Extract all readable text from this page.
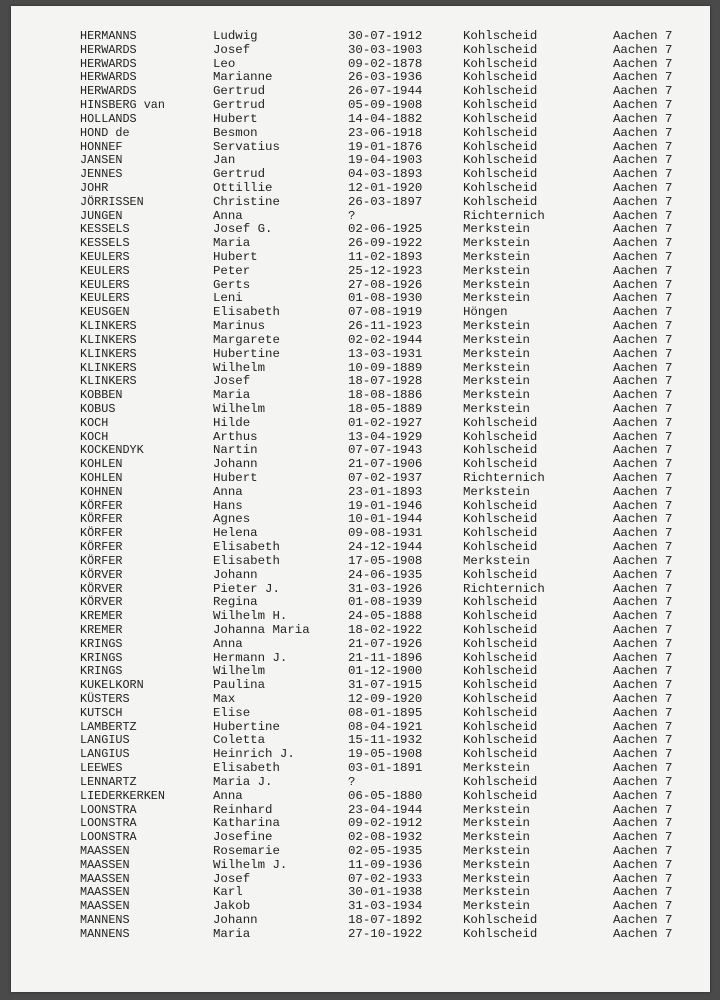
HERMANNS	Ludwig	30-07-1912	Kohlscheid	Aachen 7
HERWARDS	Josef	30-03-1903	Kohlscheid	Aachen 7
HERWARDS	Leo	09-02-1878	Kohlscheid	Aachen 7
HERWARDS	Marianne	26-03-1936	Kohlscheid	Aachen 7
HERWARDS	Gertrud	26-07-1944	Kohlscheid	Aachen 7
HINSBERG van	Gertrud	05-09-1908	Kohlscheid	Aachen 7
HOLLANDS	Hubert	14-04-1882	Kohlscheid	Aachen 7
HOND de	Besmon	23-06-1918	Kohlscheid	Aachen 7
HONNEF	Servatius	19-01-1876	Kohlscheid	Aachen 7
JANSEN	Jan	19-04-1903	Kohlscheid	Aachen 7
JENNES	Gertrud	04-03-1893	Kohlscheid	Aachen 7
JOHR	Ottillie	12-01-1920	Kohlscheid	Aachen 7
JÖRRISSEN	Christine	26-03-1897	Kohlscheid	Aachen 7
JUNGEN	Anna	?	Richternich	Aachen 7
KESSELS	Josef G.	02-06-1925	Merkstein	Aachen 7
KESSELS	Maria	26-09-1922	Merkstein	Aachen 7
KEULERS	Hubert	11-02-1893	Merkstein	Aachen 7
KEULERS	Peter	25-12-1923	Merkstein	Aachen 7
KEULERS	Gerts	27-08-1926	Merkstein	Aachen 7
KEULERS	Leni	01-08-1930	Merkstein	Aachen 7
KEUSGEN	Elisabeth	07-08-1919	Höngen	Aachen 7
KLINKERS	Marinus	26-11-1923	Merkstein	Aachen 7
KLINKERS	Margarete	02-02-1944	Merkstein	Aachen 7
KLINKERS	Hubertine	13-03-1931	Merkstein	Aachen 7
KLINKERS	Wilhelm	10-09-1889	Merkstein	Aachen 7
KLINKERS	Josef	18-07-1928	Merkstein	Aachen 7
KOBBEN	Maria	18-08-1886	Merkstein	Aachen 7
KOBUS	Wilhelm	18-05-1889	Merkstein	Aachen 7
KOCH	Hilde	01-02-1927	Kohlscheid	Aachen 7
KOCH	Arthus	13-04-1929	Kohlscheid	Aachen 7
KOCKENDYK	Nartin	07-07-1943	Kohlscheid	Aachen 7
KOHLEN	Johann	21-07-1906	Kohlscheid	Aachen 7
KOHLEN	Hubert	07-02-1937	Richternich	Aachen 7
KOHNEN	Anna	23-01-1893	Merkstein	Aachen 7
KÖRFER	Hans	19-01-1946	Kohlscheid	Aachen 7
KÖRFER	Agnes	10-01-1944	Kohlscheid	Aachen 7
KÖRFER	Helena	09-08-1931	Kohlscheid	Aachen 7
KÖRFER	Elisabeth	24-12-1944	Kohlscheid	Aachen 7
KÖRFER	Elisabeth	17-05-1908	Merkstein	Aachen 7
KÖRVER	Johann	24-06-1935	Kohlscheid	Aachen 7
KÖRVER	Pieter J.	31-03-1926	Richternich	Aachen 7
KÖRVER	Regina	01-08-1939	Kohlscheid	Aachen 7
KREMER	Wilhelm H.	24-05-1888	Kohlscheid	Aachen 7
KREMER	Johanna Maria	18-02-1922	Kohlscheid	Aachen 7
KRINGS	Anna	21-07-1926	Kohlscheid	Aachen 7
KRINGS	Hermann J.	21-11-1896	Kohlscheid	Aachen 7
KRINGS	Wilhelm	01-12-1900	Kohlscheid	Aachen 7
KUKELKORN	Paulina	31-07-1915	Kohlscheid	Aachen 7
KÜSTERS	Max	12-09-1920	Kohlscheid	Aachen 7
KUTSCH	Elise	08-01-1895	Kohlscheid	Aachen 7
LAMBERTZ	Hubertine	08-04-1921	Kohlscheid	Aachen 7
LANGIUS	Coletta	15-11-1932	Kohlscheid	Aachen 7
LANGIUS	Heinrich J.	19-05-1908	Kohlscheid	Aachen 7
LEEWES	Elisabeth	03-01-1891	Merkstein	Aachen 7
LENNARTZ	Maria J.	?	Kohlscheid	Aachen 7
LIEDERKERKEN	Anna	06-05-1880	Kohlscheid	Aachen 7
LOONSTRA	Reinhard	23-04-1944	Merkstein	Aachen 7
LOONSTRA	Katharina	09-02-1912	Merkstein	Aachen 7
LOONSTRA	Josefine	02-08-1932	Merkstein	Aachen 7
MAASSEN	Rosemarie	02-05-1935	Merkstein	Aachen 7
MAASSEN	Wilhelm J.	11-09-1936	Merkstein	Aachen 7
MAASSEN	Josef	07-02-1933	Merkstein	Aachen 7
MAASSEN	Karl	30-01-1938	Merkstein	Aachen 7
MAASSEN	Jakob	31-03-1934	Merkstein	Aachen 7
MANNENS	Johann	18-07-1892	Kohlscheid	Aachen 7
MANNENS	Maria	27-10-1922	Kohlscheid	Aachen 7
